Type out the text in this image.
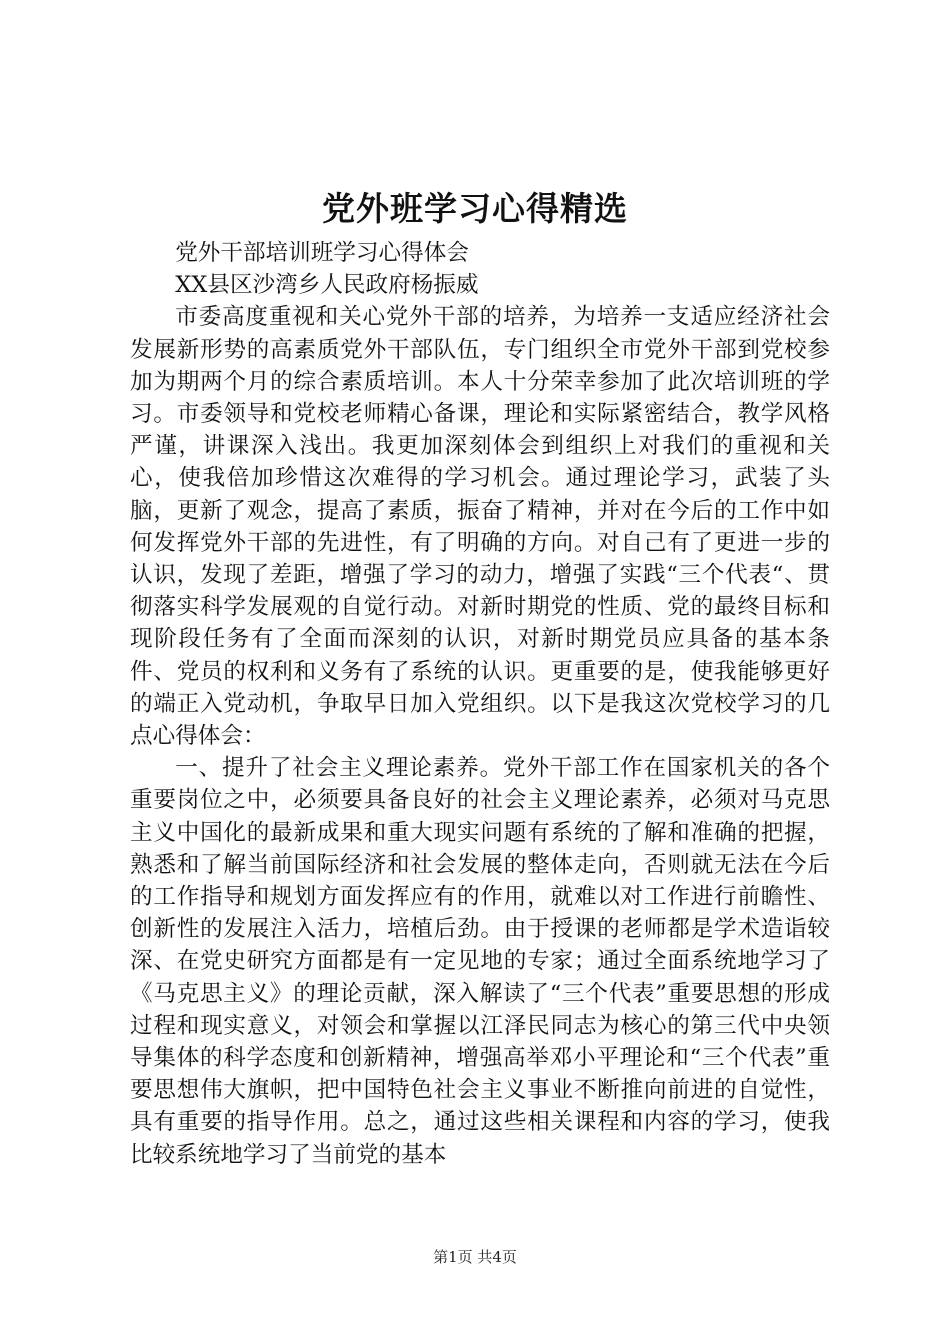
党外班学习心得精选

党外干部培训班学习心得体会

XX县区沙湾乡人民政府杨振威

市委高度重视和关心党外干部的培养，为培养一支适应经济社会发展新形势的高素质党外干部队伍，专门组织全市党外干部到党校参加为期两个月的综合素质培训。本人十分荣幸参加了此次培训班的学习。市委领导和党校老师精心备课，理论和实际紧密结合，教学风格严谨，讲课深入浅出。我更加深刻体会到组织上对我们的重视和关心，使我倍加珍惜这次难得的学习机会。通过理论学习，武装了头脑，更新了观念，提高了素质，振奋了精神，并对在今后的工作中如何发挥党外干部的先进性，有了明确的方向。对自己有了更进一步的认识，发现了差距，增强了学习的动力，增强了实践“三个代表“、贯彻落实科学发展观的自觉行动。对新时期党的性质、党的最终目标和现阶段任务有了全面而深刻的认识，对新时期党员应具备的基本条件、党员的权利和义务有了系统的认识。更重要的是，使我能够更好的端正入党动机，争取早日加入党组织。以下是我这次党校学习的几点心得体会：

一、提升了社会主义理论素养。党外干部工作在国家机关的各个重要岗位之中，必须要具备良好的社会主义理论素养，必须对马克思主义中国化的最新成果和重大现实问题有系统的了解和准确的把握，熟悉和了解当前国际经济和社会发展的整体走向，否则就无法在今后的工作指导和规划方面发挥应有的作用，就难以对工作进行前瞻性、创新性的发展注入活力，培植后劲。由于授课的老师都是学术造诣较深、在党史研究方面都是有一定见地的专家；通过全面系统地学习了《马克思主义》的理论贡献，深入解读了“三个代表”重要思想的形成过程和现实意义，对领会和掌握以江泽民同志为核心的第三代中央领导集体的科学态度和创新精神，增强高举邓小平理论和“三个代表”重要思想伟大旗帜，把中国特色社会主义事业不断推向前进的自觉性，具有重要的指导作用。总之，通过这些相关课程和内容的学习，使我比较系统地学习了当前党的基本

第1页 共4页
